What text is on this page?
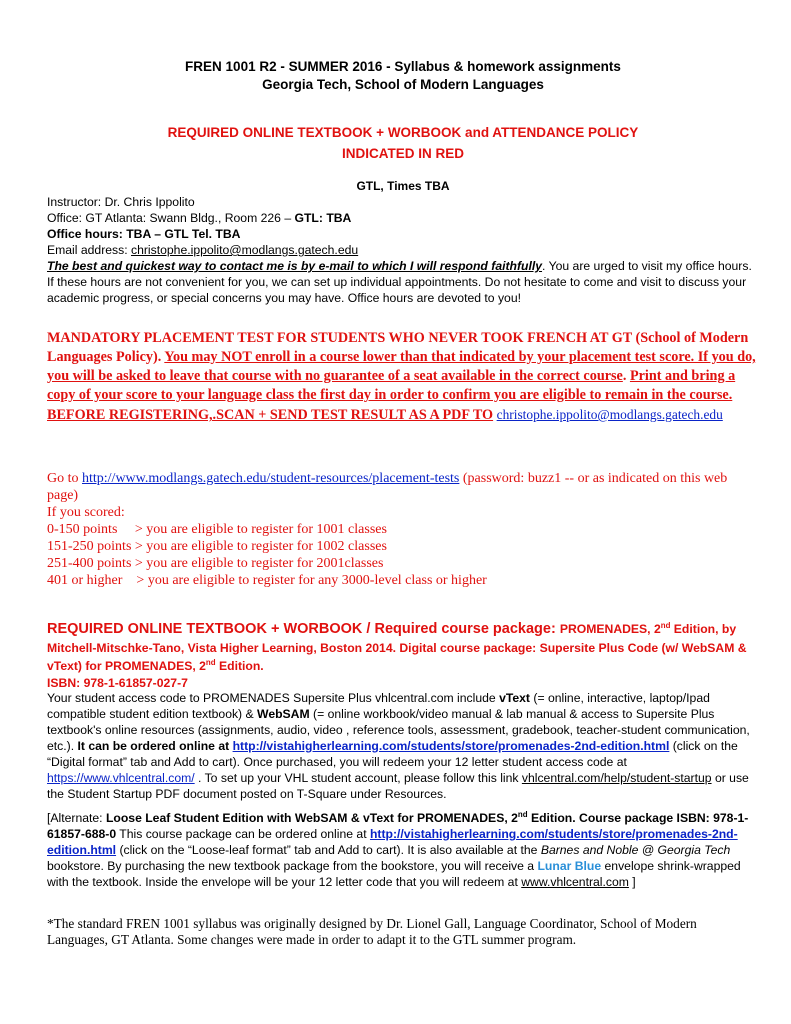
FREN 1001 R2 - SUMMER 2016 - Syllabus & homework assignments
Georgia Tech, School of Modern Languages
REQUIRED ONLINE TEXTBOOK + WORBOOK and ATTENDANCE POLICY
INDICATED IN RED
GTL, Times TBA
Instructor: Dr. Chris Ippolito
Office: GT Atlanta: Swann Bldg., Room 226 – GTL: TBA
Office hours: TBA – GTL Tel. TBA
Email address: christophe.ippolito@modlangs.gatech.edu
The best and quickest way to contact me is by e-mail to which I will respond faithfully. You are urged to visit my office hours. If these hours are not convenient for you, we can set up individual appointments. Do not hesitate to come and visit to discuss your academic progress, or special concerns you may have. Office hours are devoted to you!
MANDATORY PLACEMENT TEST FOR STUDENTS WHO NEVER TOOK FRENCH AT GT (School of Modern Languages Policy). You may NOT enroll in a course lower than that indicated by your placement test score. If you do, you will be asked to leave that course with no guarantee of a seat available in the correct course. Print and bring a copy of your score to your language class the first day in order to confirm you are eligible to remain in the course. BEFORE REGISTERING,.SCAN + SEND TEST RESULT AS A PDF TO christophe.ippolito@modlangs.gatech.edu
Go to http://www.modlangs.gatech.edu/student-resources/placement-tests (password: buzz1 -- or as indicated on this web page)
If you scored:
0-150 points     > you are eligible to register for 1001 classes
151-250 points > you are eligible to register for 1002 classes
251-400 points > you are eligible to register for 2001classes
401 or higher    > you are eligible to register for any 3000-level class or higher
REQUIRED ONLINE TEXTBOOK + WORBOOK / Required course package: PROMENADES, 2nd Edition, by Mitchell-Mitschke-Tano, Vista Higher Learning, Boston 2014. Digital course package: Supersite Plus Code (w/ WebSAM & vText) for PROMENADES, 2nd Edition.
ISBN: 978-1-61857-027-7
Your student access code to PROMENADES Supersite Plus vhlcentral.com include vText (= online, interactive, laptop/Ipad compatible student edition textbook) & WebSAM (= online workbook/video manual & lab manual & access to Supersite Plus textbook's online resources (assignments, audio, video , reference tools, assessment, gradebook, teacher-student communication, etc.). It can be ordered online at http://vistahigherlearning.com/students/store/promenades-2nd-edition.html (click on the “Digital format” tab and Add to cart). Once purchased, you will redeem your 12 letter student access code at https://www.vhlcentral.com/ . To set up your VHL student account, please follow this link vhlcentral.com/help/student-startup or use the Student Startup PDF document posted on T-Square under Resources.
[Alternate: Loose Leaf Student Edition with WebSAM & vText for PROMENADES, 2nd Edition. Course package ISBN: 978-1-61857-688-0 This course package can be ordered online at http://vistahigherlearning.com/students/store/promenades-2nd-edition.html (click on the “Loose-leaf format” tab and Add to cart). It is also available at the Barnes and Noble @ Georgia Tech bookstore. By purchasing the new textbook package from the bookstore, you will receive a Lunar Blue envelope shrink-wrapped with the textbook. Inside the envelope will be your 12 letter code that you will redeem at www.vhlcentral.com ]
*The standard FREN 1001 syllabus was originally designed by Dr. Lionel Gall, Language Coordinator, School of Modern Languages, GT Atlanta. Some changes were made in order to adapt it to the GTL summer program.
